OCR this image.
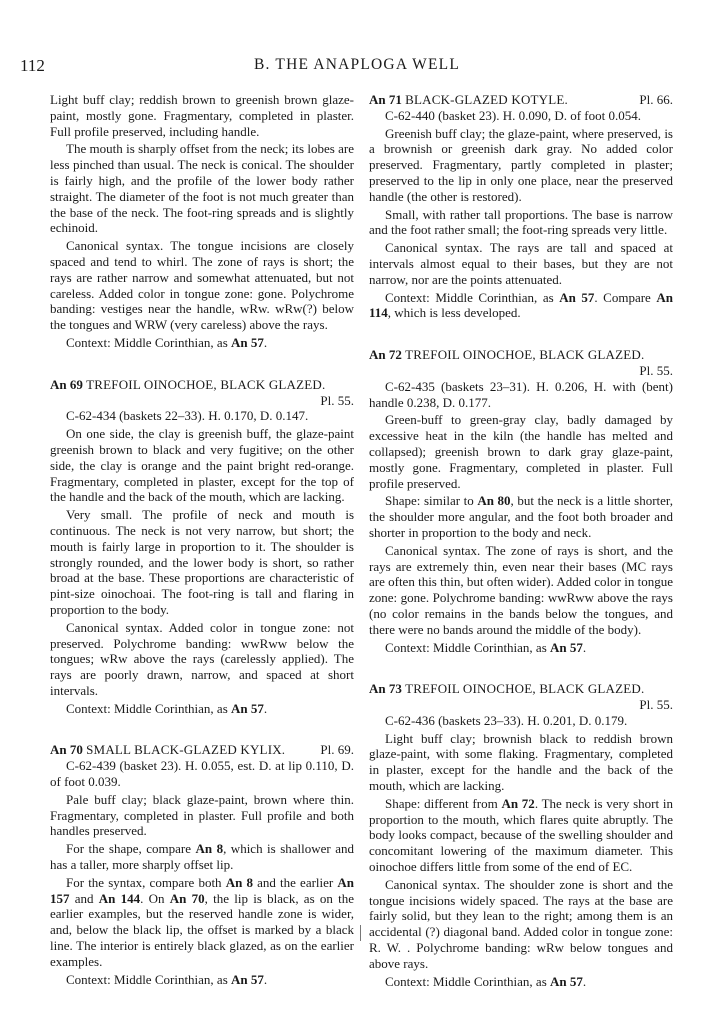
112	B. THE ANAPLOGA WELL

Light buff clay; reddish brown to greenish brown glaze-paint, mostly gone. Fragmentary, completed in plaster. Full profile preserved, including handle.

The mouth is sharply offset from the neck; its lobes are less pinched than usual. The neck is conical. The shoulder is fairly high, and the profile of the lower body rather straight. The diameter of the foot is not much greater than the base of the neck. The foot-ring spreads and is slightly echinoid.

Canonical syntax. The tongue incisions are closely spaced and tend to whirl. The zone of rays is short; the rays are rather narrow and somewhat attenuated, but not careless. Added color in tongue zone: gone. Polychrome banding: vestiges near the handle, wRw. wRw(?) below the tongues and WRW (very careless) above the rays.

Context: Middle Corinthian, as An 57.

An 69 TREFOIL OINOCHOE, BLACK GLAZED.

Pl. 55.

C-62-434 (baskets 22–33). H. 0.170, D. 0.147.

On one side, the clay is greenish buff, the glaze-paint greenish brown to black and very fugitive; on the other side, the clay is orange and the paint bright red-orange. Fragmentary, completed in plaster, except for the top of the handle and the back of the mouth, which are lacking.

Very small. The profile of neck and mouth is continuous. The neck is not very narrow, but short; the mouth is fairly large in proportion to it. The shoulder is strongly rounded, and the lower body is short, so rather broad at the base. These proportions are characteristic of pint-size oinochoai. The foot-ring is tall and flaring in proportion to the body.

Canonical syntax. Added color in tongue zone: not preserved. Polychrome banding: wwRww below the tongues; wRw above the rays (carelessly applied). The rays are poorly drawn, narrow, and spaced at short intervals.

Context: Middle Corinthian, as An 57.

Pl. 69.
An 70 SMALL BLACK-GLAZED KYLIX.

C-62-439 (basket 23). H. 0.055, est. D. at lip 0.110, D. of foot 0.039.

Pale buff clay; black glaze-paint, brown where thin. Fragmentary, completed in plaster. Full profile and both handles preserved.

For the shape, compare An 8, which is shallower and has a taller, more sharply offset lip.

For the syntax, compare both An 8 and the earlier An 157 and An 144. On An 70, the lip is black, as on the earlier examples, but the reserved handle zone is wider, and, below the black lip, the offset is marked by a black line. The interior is entirely black glazed, as on the earlier examples.

Context: Middle Corinthian, as An 57.

Pl. 66.
An 71 BLACK-GLAZED KOTYLE.

C-62-440 (basket 23). H. 0.090, D. of foot 0.054.

Greenish buff clay; the glaze-paint, where preserved, is a brownish or greenish dark gray. No added color preserved. Fragmentary, partly completed in plaster; preserved to the lip in only one place, near the preserved handle (the other is restored).

Small, with rather tall proportions. The base is narrow and the foot rather small; the foot-ring spreads very little.

Canonical syntax. The rays are tall and spaced at intervals almost equal to their bases, but they are not narrow, nor are the points attenuated.

Context: Middle Corinthian, as An 57. Compare An 114, which is less developed.

An 72 TREFOIL OINOCHOE, BLACK GLAZED.

Pl. 55.

C-62-435 (baskets 23–31). H. 0.206, H. with (bent) handle 0.238, D. 0.177.

Green-buff to green-gray clay, badly damaged by excessive heat in the kiln (the handle has melted and collapsed); greenish brown to dark gray glaze-paint, mostly gone. Fragmentary, completed in plaster. Full profile preserved.

Shape: similar to An 80, but the neck is a little shorter, the shoulder more angular, and the foot both broader and shorter in proportion to the body and neck.

Canonical syntax. The zone of rays is short, and the rays are extremely thin, even near their bases (MC rays are often this thin, but often wider). Added color in tongue zone: gone. Polychrome banding: wwRww above the rays (no color remains in the bands below the tongues, and there were no bands around the middle of the body).

Context: Middle Corinthian, as An 57.

An 73 TREFOIL OINOCHOE, BLACK GLAZED.

Pl. 55.

C-62-436 (baskets 23–33). H. 0.201, D. 0.179.

Light buff clay; brownish black to reddish brown glaze-paint, with some flaking. Fragmentary, completed in plaster, except for the handle and the back of the mouth, which are lacking.

Shape: different from An 72. The neck is very short in proportion to the mouth, which flares quite abruptly. The body looks compact, because of the swelling shoulder and concomitant lowering of the maximum diameter. This oinochoe differs little from some of the end of EC.

Canonical syntax. The shoulder zone is short and the tongue incisions widely spaced. The rays at the base are fairly solid, but they lean to the right; among them is an accidental (?) diagonal band. Added color in tongue zone: R. W. . Polychrome banding: wRw below tongues and above rays.

Context: Middle Corinthian, as An 57.
